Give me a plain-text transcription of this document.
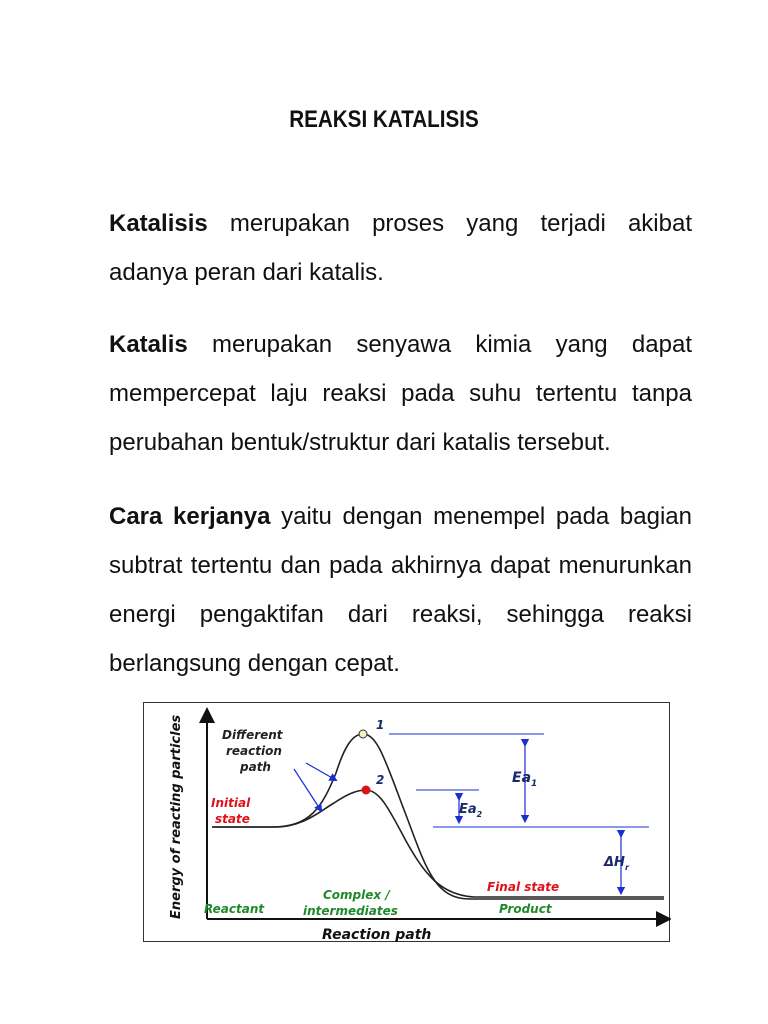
REAKSI KATALISIS

Katalisis merupakan proses yang terjadi akibat adanya peran dari katalis.

Katalis merupakan senyawa kimia yang dapat mempercepat laju reaksi pada suhu tertentu tanpa perubahan bentuk/struktur dari katalis tersebut.

Cara kerjanya yaitu dengan menempel pada bagian subtrat tertentu dan pada akhirnya dapat menurunkan energi pengaktifan dari reaksi, sehingga reaksi berlangsung dengan cepat.

1
2	$Ea_1$
$Ea_2$
$\Delta H_r$
Different reaction path
Initial state
Reactant
Complex / intermediates
Final state
Product
Reaction path
Energy of reacting particles
